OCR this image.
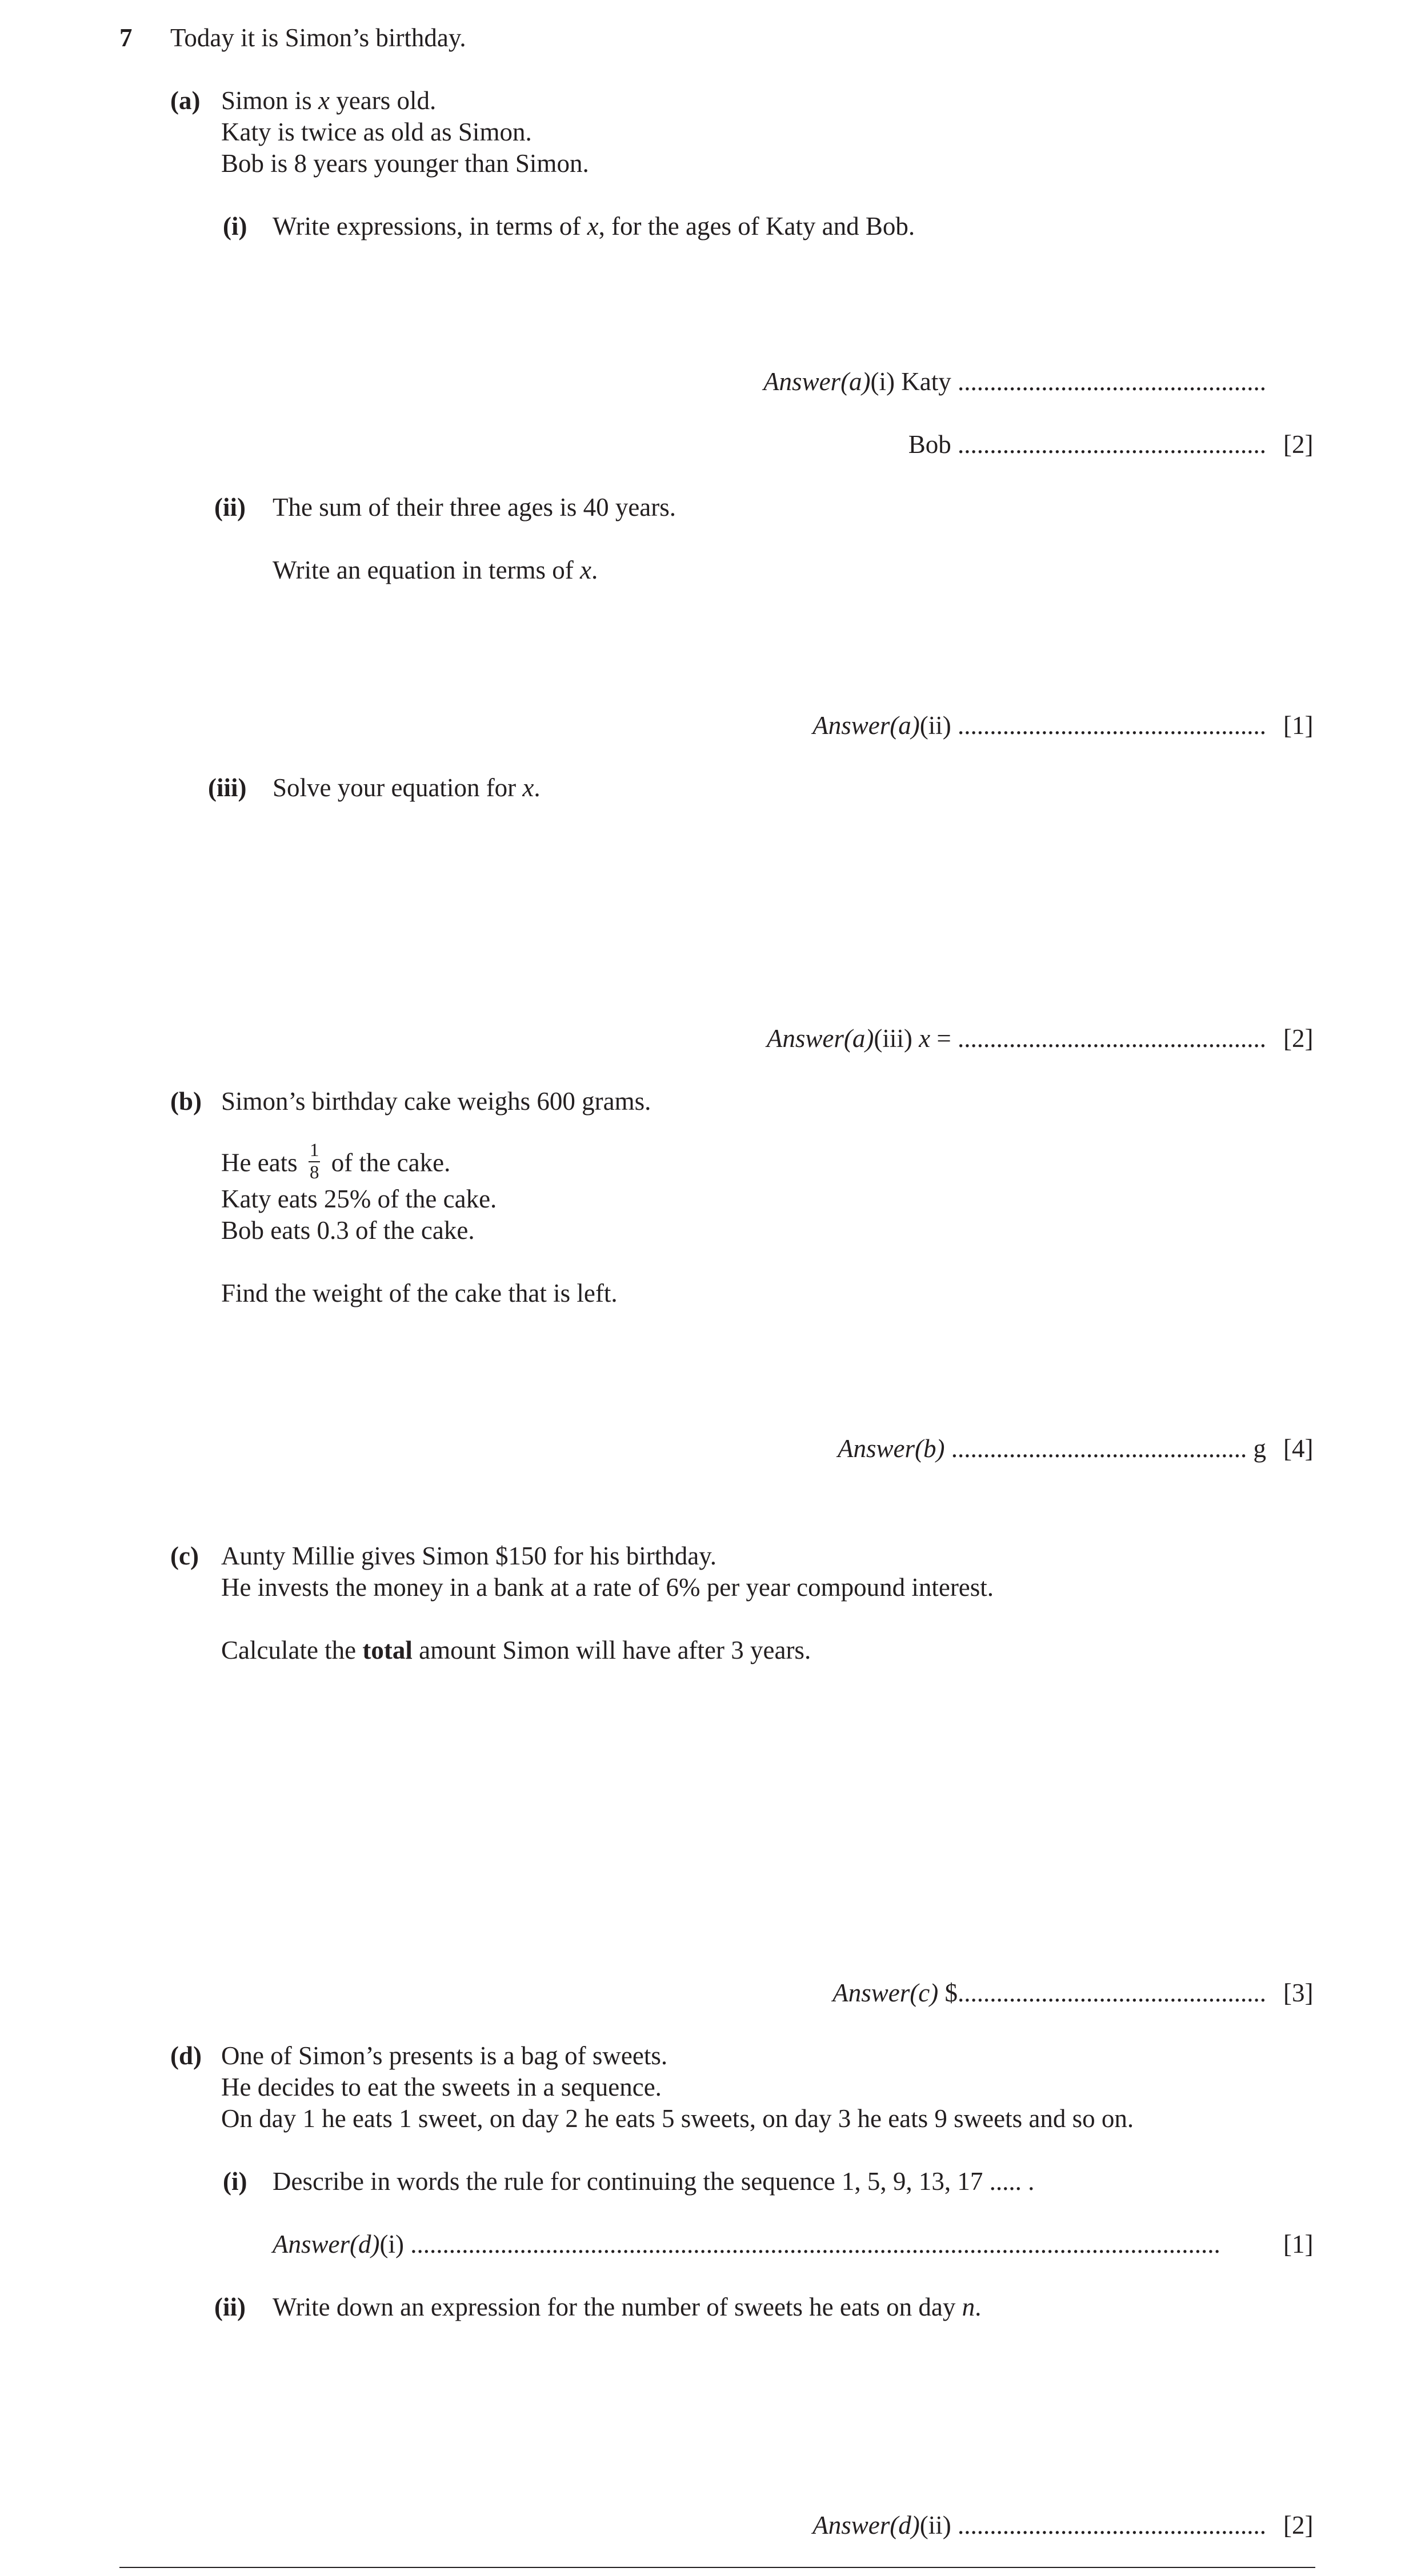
7 Today it is Simon’s birthday.
(a) Simon is x years old.
Katy is twice as old as Simon.
Bob is 8 years younger than Simon.
(i) Write expressions, in terms of x, for the ages of Katy and Bob.
Answer(a)(i) Katy ................................................
Bob ................................................ [2]
(ii) The sum of their three ages is 40 years.
Write an equation in terms of x.
Answer(a)(ii) ................................................ [1]
(iii) Solve your equation for x.
Answer(a)(iii) x = ................................................ [2]
(b) Simon’s birthday cake weighs 600 grams.
He eats $\frac{1}{8}$ of the cake.
Katy eats 25% of the cake.
Bob eats 0.3 of the cake.
Find the weight of the cake that is left.
Answer(b) .............................................. g [4]
(c) Aunty Millie gives Simon $150 for his birthday.
He invests the money in a bank at a rate of 6% per year compound interest.
Calculate the total amount Simon will have after 3 years.
Answer(c) $................................................ [3]
(d) One of Simon’s presents is a bag of sweets.
He decides to eat the sweets in a sequence.
On day 1 he eats 1 sweet, on day 2 he eats 5 sweets, on day 3 he eats 9 sweets and so on.
(i) Describe in words the rule for continuing the sequence 1, 5, 9, 13, 17 ..... .
Answer(d)(i) .............................................................................................................................. [1]
(ii) Write down an expression for the number of sweets he eats on day n.
Answer(d)(ii) ................................................ [2]
